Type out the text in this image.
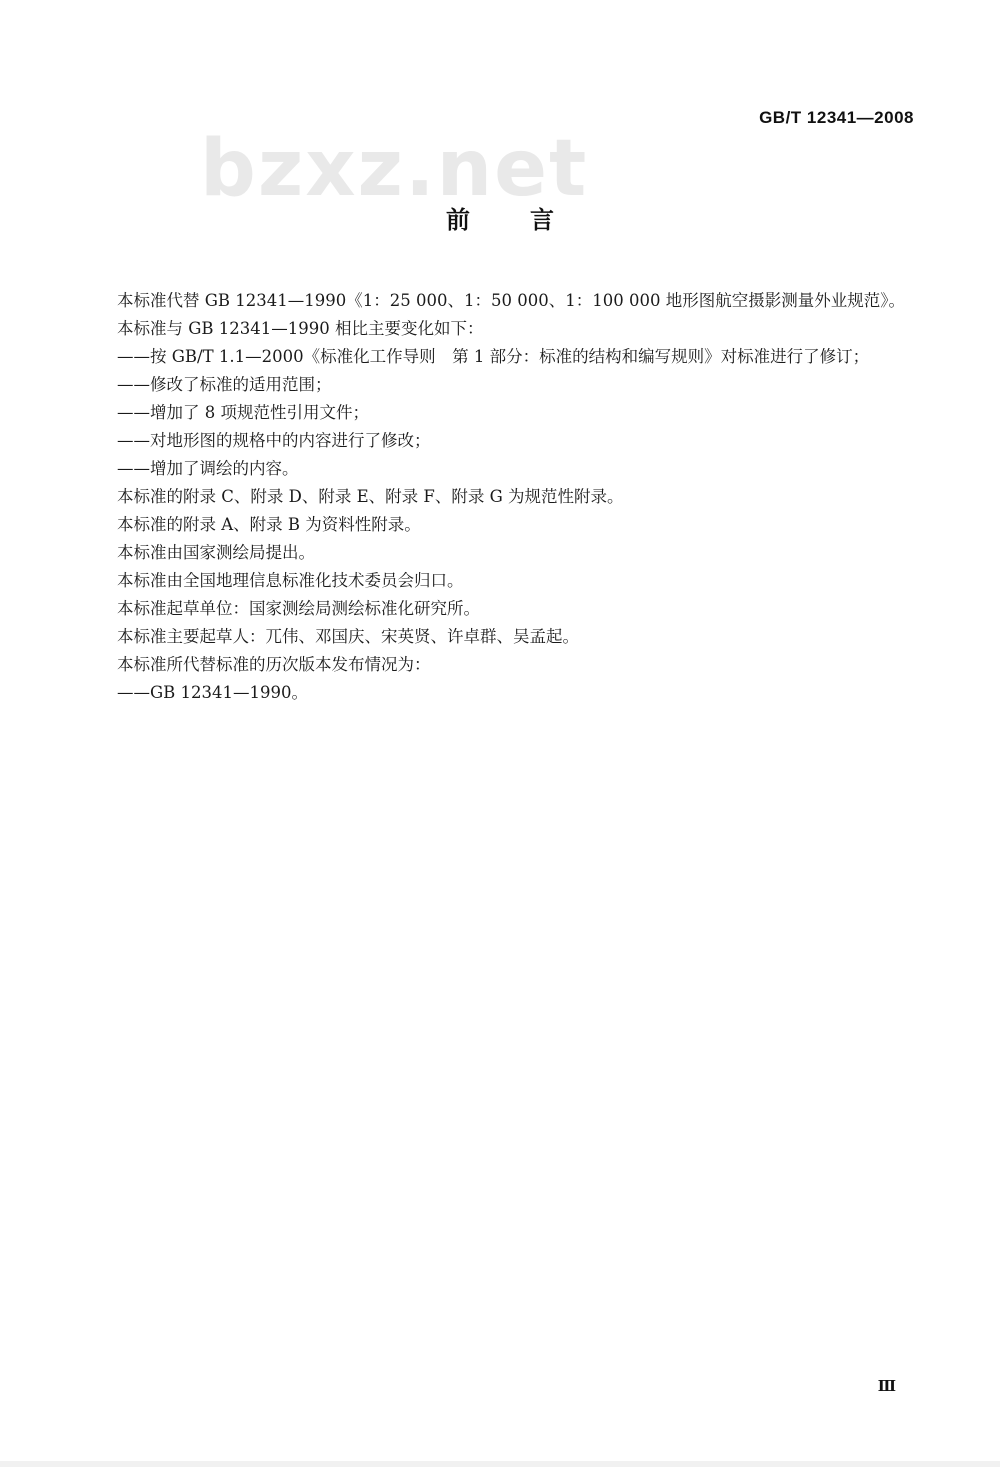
GB/T 12341—2008
bzxz.net
前言

本标准代替 GB 12341—1990《1：25 000、1：50 000、1：100 000 地形图航空摄影测量外业规范》。

本标准与 GB 12341—1990 相比主要变化如下：

——按 GB/T 1.1—2000《标准化工作导则　第 1 部分：标准的结构和编写规则》对标准进行了修订；

——修改了标准的适用范围；

——增加了 8 项规范性引用文件；

——对地形图的规格中的内容进行了修改；

——增加了调绘的内容。

本标准的附录 C、附录 D、附录 E、附录 F、附录 G 为规范性附录。

本标准的附录 A、附录 B 为资料性附录。

本标准由国家测绘局提出。

本标准由全国地理信息标准化技术委员会归口。

本标准起草单位：国家测绘局测绘标准化研究所。

本标准主要起草人：兀伟、邓国庆、宋英贤、许卓群、吴孟起。

本标准所代替标准的历次版本发布情况为：

——GB 12341—1990。

Ⅲ
